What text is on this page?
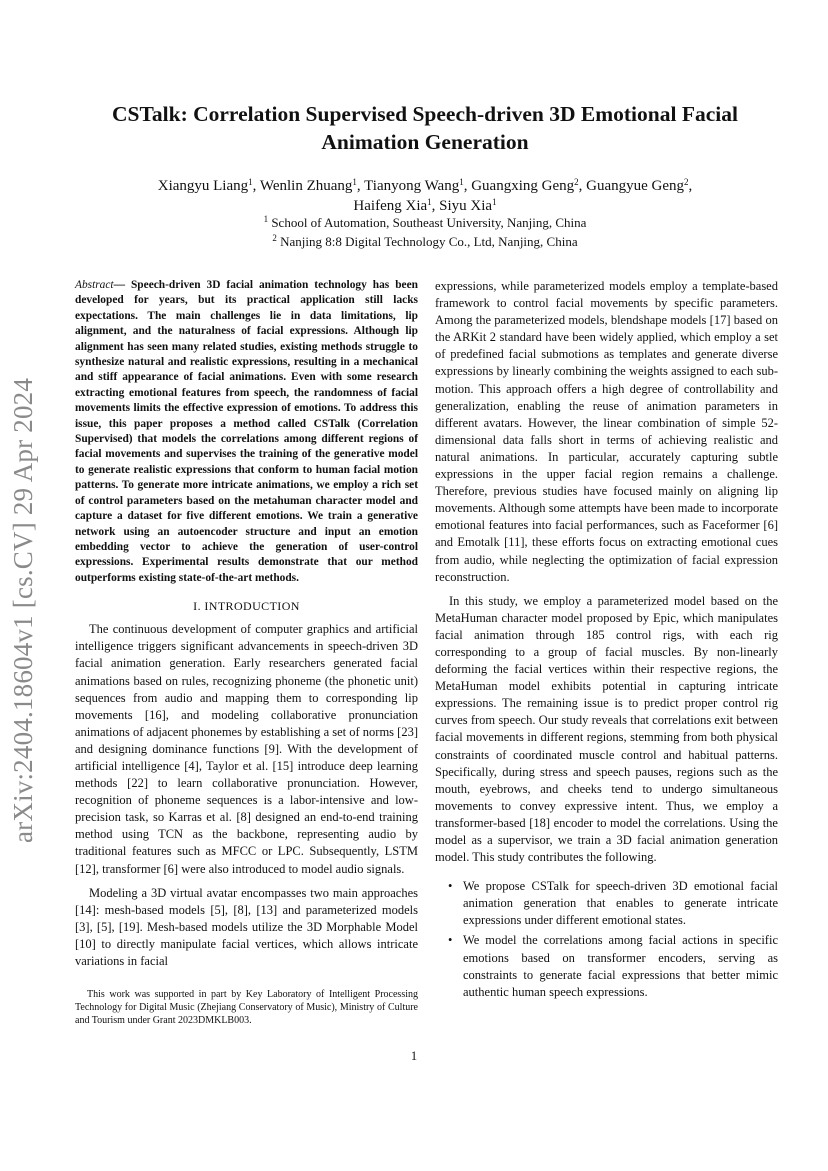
arXiv:2404.18604v1 [cs.CV] 29 Apr 2024
CSTalk: Correlation Supervised Speech-driven 3D Emotional Facial
Animation Generation
Xiangyu Liang$^1$, Wenlin Zhuang$^1$, Tianyong Wang$^1$, Guangxing Geng$^2$, Guangyue Geng$^2$,
Haifeng Xia$^1$, Siyu Xia$^1$
$^1$ School of Automation, Southeast University, Nanjing, China
$^2$ Nanjing 8:8 Digital Technology Co., Ltd, Nanjing, China

Abstract— Speech-driven 3D facial animation technology has been developed for years, but its practical application still lacks expectations. The main challenges lie in data limitations, lip alignment, and the naturalness of facial expressions. Although lip alignment has seen many related studies, existing methods struggle to synthesize natural and realistic expressions, resulting in a mechanical and stiff appearance of facial animations. Even with some research extracting emotional features from speech, the randomness of facial movements limits the effective expression of emotions. To address this issue, this paper proposes a method called CSTalk (Correlation Supervised) that models the correlations among different regions of facial movements and supervises the training of the generative model to generate realistic expressions that conform to human facial motion patterns. To generate more intricate animations, we employ a rich set of control parameters based on the metahuman character model and capture a dataset for five different emotions. We train a generative network using an autoencoder structure and input an emotion embedding vector to achieve the generation of user-control expressions. Experimental results demonstrate that our method outperforms existing state-of-the-art methods.

I. INTRODUCTION

The continuous development of computer graphics and artificial intelligence triggers significant advancements in speech-driven 3D facial animation generation. Early researchers generated facial animations based on rules, recognizing phoneme (the phonetic unit) sequences from audio and mapping them to corresponding lip movements [16], and modeling collaborative pronunciation animations of adjacent phonemes by establishing a set of norms [23] and designing dominance functions [9]. With the development of artificial intelligence [4], Taylor et al. [15] introduce deep learning methods [22] to learn collaborative pronunciation. However, recognition of phoneme sequences is a labor-intensive and low-precision task, so Karras et al. [8] designed an end-to-end training method using TCN as the backbone, representing audio by traditional features such as MFCC or LPC. Subsequently, LSTM [12], transformer [6] were also introduced to model audio signals.

Modeling a 3D virtual avatar encompasses two main approaches [14]: mesh-based models [5], [8], [13] and parameterized models [3], [5], [19]. Mesh-based models utilize the 3D Morphable Model [10] to directly manipulate facial vertices, which allows intricate variations in facial

This work was supported in part by Key Laboratory of Intelligent Processing Technology for Digital Music (Zhejiang Conservatory of Music), Ministry of Culture and Tourism under Grant 2023DMKLB003.

expressions, while parameterized models employ a template-based framework to control facial movements by specific parameters. Among the parameterized models, blendshape models [17] based on the ARKit 2 standard have been widely applied, which employ a set of predefined facial submotions as templates and generate diverse expressions by linearly combining the weights assigned to each sub-motion. This approach offers a high degree of controllability and generalization, enabling the reuse of animation parameters in different avatars. However, the linear combination of simple 52-dimensional data falls short in terms of achieving realistic and natural animations. In particular, accurately capturing subtle expressions in the upper facial region remains a challenge. Therefore, previous studies have focused mainly on aligning lip movements. Although some attempts have been made to incorporate emotional features into facial performances, such as Faceformer [6] and Emotalk [11], these efforts focus on extracting emotional cues from audio, while neglecting the optimization of facial expression reconstruction.

In this study, we employ a parameterized model based on the MetaHuman character model proposed by Epic, which manipulates facial animation through 185 control rigs, with each rig corresponding to a group of facial muscles. By non-linearly deforming the facial vertices within their respective regions, the MetaHuman model exhibits potential in capturing intricate expressions. The remaining issue is to predict proper control rig curves from speech. Our study reveals that correlations exit between facial movements in different regions, stemming from both physical constraints of coordinated muscle control and habitual patterns. Specifically, during stress and speech pauses, regions such as the mouth, eyebrows, and cheeks tend to undergo simultaneous movements to convey expressive intent. Thus, we employ a transformer-based [18] encoder to model the correlations. Using the model as a supervisor, we train a 3D facial animation generation model. This study contributes the following.

• We propose CSTalk for speech-driven 3D emotional facial animation generation that enables to generate intricate expressions under different emotional states.
• We model the correlations among facial actions in specific emotions based on transformer encoders, serving as constraints to generate facial expressions that better mimic authentic human speech expressions.
1
